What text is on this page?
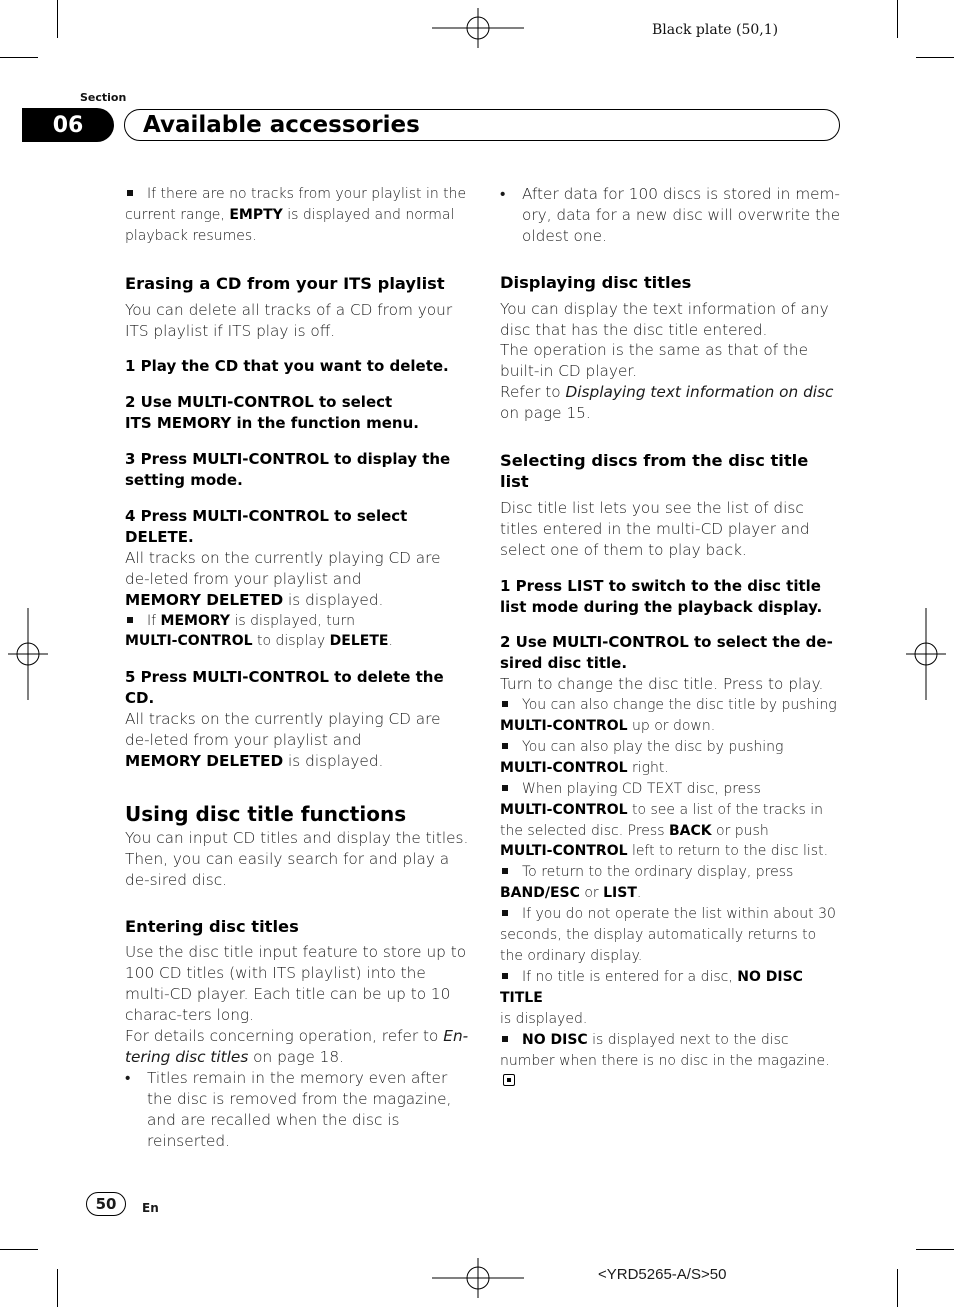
Black plate (50,1)
Section
06	Available accessories

If there are no tracks from your playlist in the current range, EMPTY is displayed and normal playback resumes.

Erasing a CD from your ITS playlist

You can delete all tracks of a CD from your ITS playlist if ITS play is off.

1 Play the CD that you want to delete.

2 Use MULTI-CONTROL to select

ITS MEMORY in the function menu.

3 Press MULTI-CONTROL to display the setting mode.

4 Press MULTI-CONTROL to select

DELETE.

All tracks on the currently playing CD are de-leted from your playlist and

MEMORY DELETED is displayed.

If MEMORY is displayed, turn
MULTI-CONTROL to display DELETE.

5 Press MULTI-CONTROL to delete the CD.

All tracks on the currently playing CD are de-leted from your playlist and

MEMORY DELETED is displayed.

Using disc title functions

You can input CD titles and display the titles. Then, you can easily search for and play a de-sired disc.

Entering disc titles

Use the disc title input feature to store up to 100 CD titles (with ITS playlist) into the multi-CD player. Each title can be up to 10 charac-ters long.

For details concerning operation, refer to En-tering disc titles on page 18.

•	Titles remain in the memory even after the disc is removed from the magazine, and are recalled when the disc is reinserted.
•	After data for 100 discs is stored in mem-ory, data for a new disc will overwrite the oldest one.

Displaying disc titles

You can display the text information of any disc that has the disc title entered.

The operation is the same as that of the built-in CD player.

Refer to Displaying text information on disc on page 15.

Selecting discs from the disc title list

Disc title list lets you see the list of disc titles entered in the multi-CD player and select one of them to play back.

1 Press LIST to switch to the disc title list mode during the playback display.

2 Use MULTI-CONTROL to select the de-sired disc title.

Turn to change the disc title. Press to play.

You can also change the disc title by pushing
MULTI-CONTROL up or down.

You can also play the disc by pushing
MULTI-CONTROL right.

When playing CD TEXT disc, press
MULTI-CONTROL to see a list of the tracks in the selected disc. Press BACK or push
MULTI-CONTROL left to return to the disc list.

To return to the ordinary display, press
BAND/ESC or LIST.

If you do not operate the list within about 30 seconds, the display automatically returns to the ordinary display.

If no title is entered for a disc, NO DISC TITLE
is displayed.

NO DISC is displayed next to the disc number when there is no disc in the magazine.

50	En
<YRD5265-A/S>50
